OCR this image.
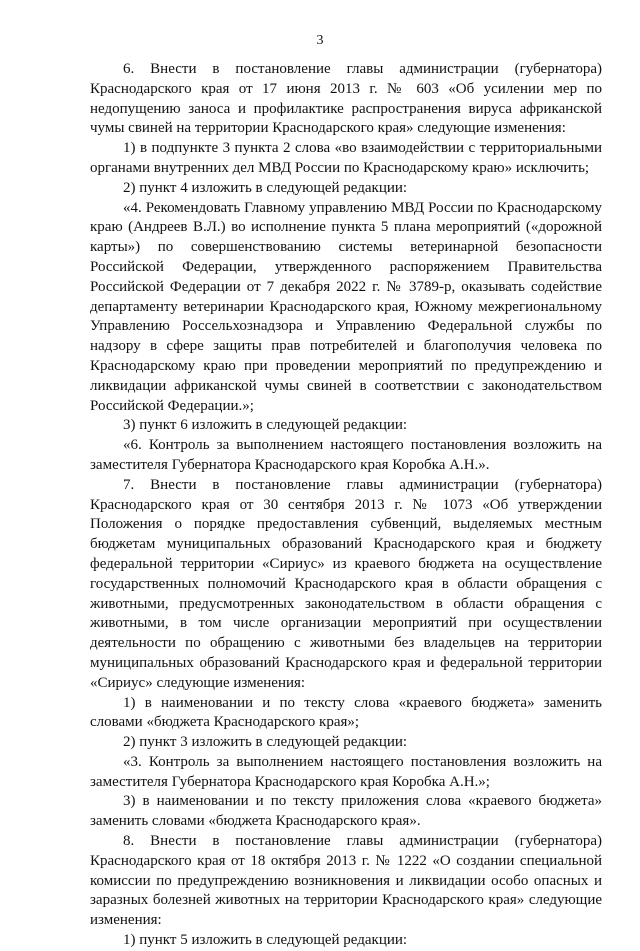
3

6. Внести в постановление главы администрации (губернатора) Краснодарского края от 17 июня 2013 г. № 603 «Об усилении мер по недопущению заноса и профилактике распространения вируса африканской чумы свиней на территории Краснодарского края» следующие изменения:

1) в подпункте 3 пункта 2 слова «во взаимодействии с территориальными органами внутренних дел МВД России по Краснодарскому краю» исключить;

2) пункт 4 изложить в следующей редакции:

«4. Рекомендовать Главному управлению МВД России по Краснодарскому краю (Андреев В.Л.) во исполнение пункта 5 плана мероприятий («дорожной карты») по совершенствованию системы ветеринарной безопасности Российской Федерации, утвержденного распоряжением Правительства Российской Федерации от 7 декабря 2022 г. № 3789-р, оказывать содействие департаменту ветеринарии Краснодарского края, Южному межрегиональному Управлению Россельхознадзора и Управлению Федеральной службы по надзору в сфере защиты прав потребителей и благополучия человека по Краснодарскому краю при проведении мероприятий по предупреждению и ликвидации африканской чумы свиней в соответствии с законодательством Российской Федерации.»;

3) пункт 6 изложить в следующей редакции:

«6. Контроль за выполнением настоящего постановления возложить на заместителя Губернатора Краснодарского края Коробка А.Н.».

7. Внести в постановление главы администрации (губернатора) Краснодарского края от 30 сентября 2013 г. № 1073 «Об утверждении Положения о порядке предоставления субвенций, выделяемых местным бюджетам муниципальных образований Краснодарского края и бюджету федеральной территории «Сириус» из краевого бюджета на осуществление государственных полномочий Краснодарского края в области обращения с животными, предусмотренных законодательством в области обращения с животными, в том числе организации мероприятий при осуществлении деятельности по обращению с животными без владельцев на территории муниципальных образований Краснодарского края и федеральной территории «Сириус» следующие изменения:

1) в наименовании и по тексту слова «краевого бюджета» заменить словами «бюджета Краснодарского края»;

2) пункт 3 изложить в следующей редакции:

«3. Контроль за выполнением настоящего постановления возложить на заместителя Губернатора Краснодарского края Коробка А.Н.»;

3) в наименовании и по тексту приложения слова «краевого бюджета» заменить словами «бюджета Краснодарского края».

8. Внести в постановление главы администрации (губернатора) Краснодарского края от 18 октября 2013 г. № 1222 «О создании специальной комиссии по предупреждению возникновения и ликвидации особо опасных и заразных болезней животных на территории Краснодарского края» следующие изменения:

1) пункт 5 изложить в следующей редакции:
